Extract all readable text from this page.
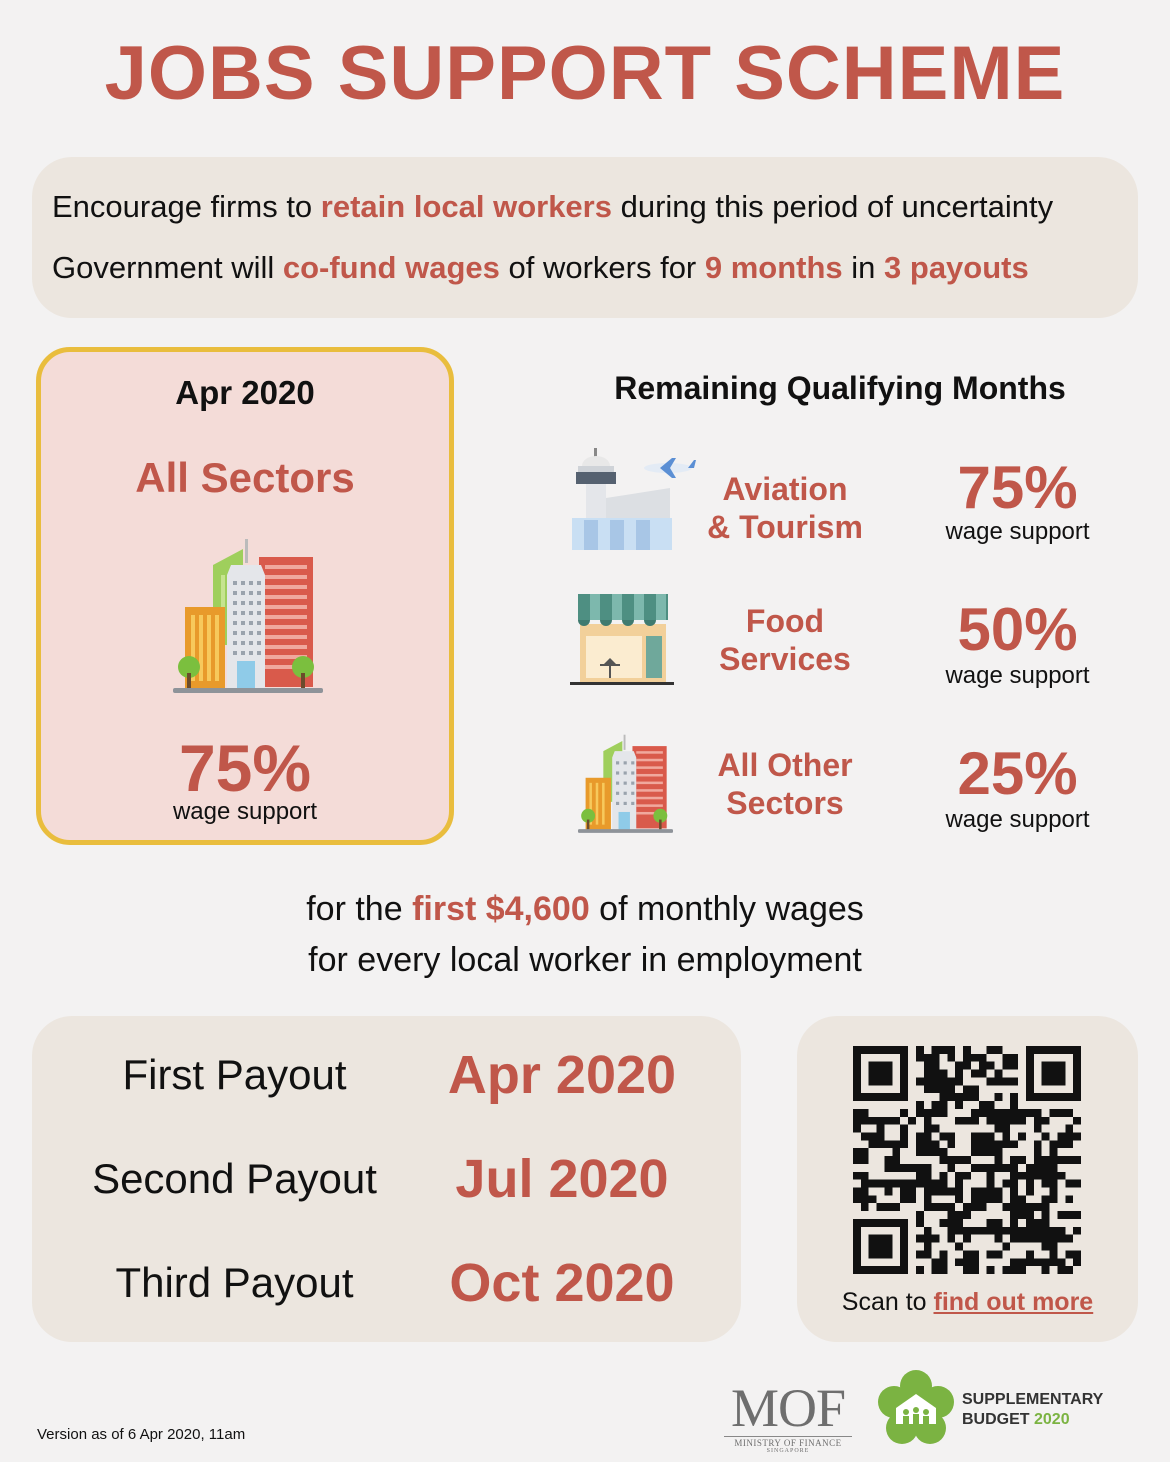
JOBS SUPPORT SCHEME
Encourage firms to retain local workers during this period of uncertainty
Government will co-fund wages of workers for 9 months in 3 payouts
Apr 2020
All Sectors
75%
wage support
Remaining Qualifying Months
Aviation
& Tourism
75%
wage support
Food
Services	50%
wage support
All Other
Sectors	25%
wage support
for the first $4,600 of monthly wages
for every local worker in employment
First Payout	Apr 2020
Second Payout	Jul 2020
Third Payout	Oct 2020	Scan to find out more
Version as of 6 Apr 2020, 11am	MOF
MINISTRY OF FINANCE
SINGAPORE
SUPPLEMENTARY
BUDGET 2020
